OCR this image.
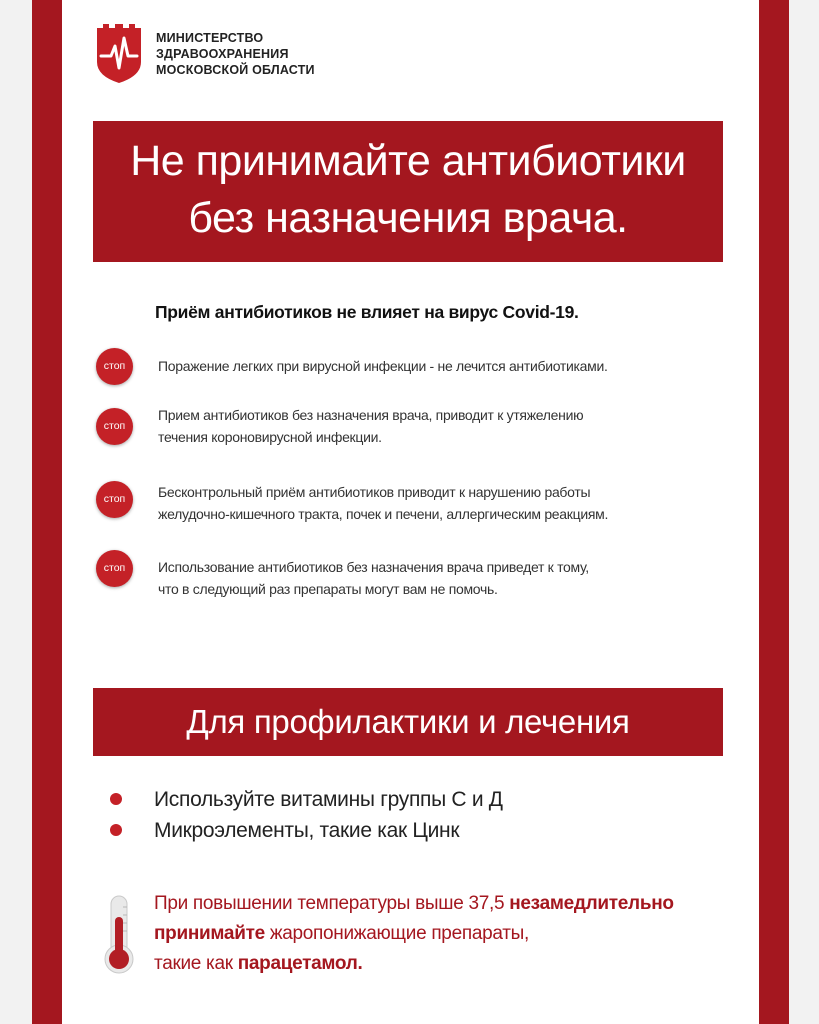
МИНИСТЕРСТВО
ЗДРАВООХРАНЕНИЯ
МОСКОВСКОЙ ОБЛАСТИ
Не принимайте антибиотики
без назначения врача.
Приём антибиотиков не влияет на вирус Covid-19.
стоп	Поражение легких при вирусной инфекции - не лечится антибиотиками.
стоп
Прием антибиотиков без назначения врача, приводит к утяжелению
течения короновирусной инфекции.
стоп	Бесконтрольный приём антибиотиков приводит к нарушению работы
желудочно-кишечного тракта, почек и печени, аллергическим реакциям.
стоп	Использование антибиотиков без назначения врача приведет к тому,
что в следующий раз препараты могут вам не помочь.
Для профилактики и лечения
Используйте витамины группы С и Д
Микроэлементы, такие как Цинк
При повышении температуры выше 37,5 незамедлительно
принимайте жаропонижающие препараты,
такие как парацетамол.
